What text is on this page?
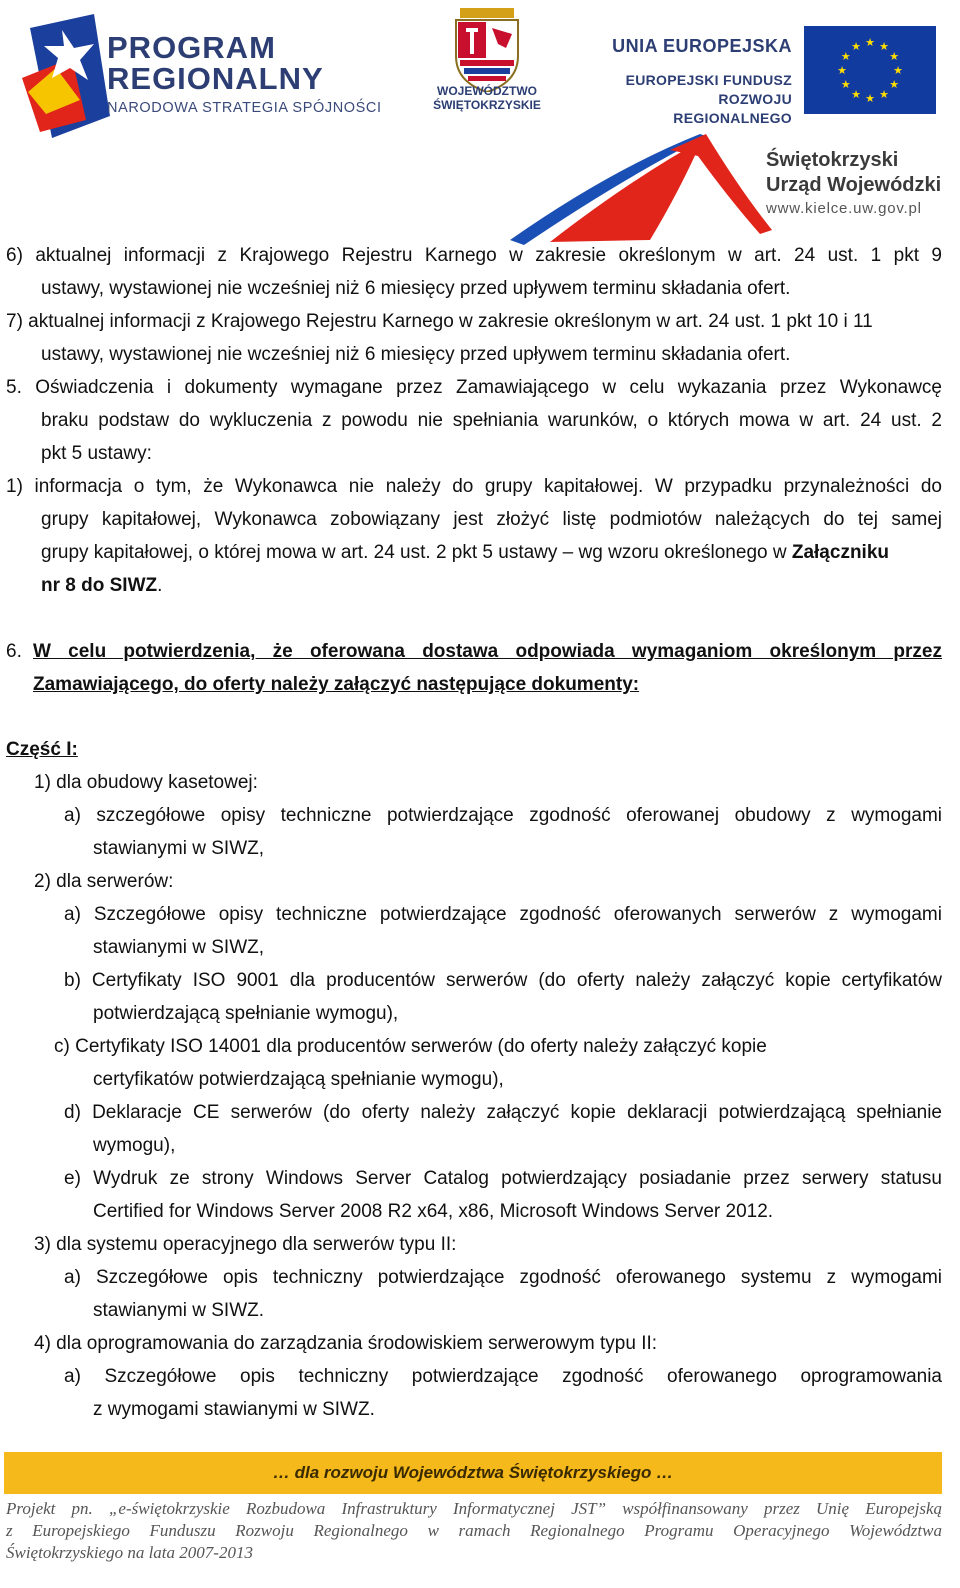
PROGRAM
REGIONALNY
NARODOWA STRATEGIA SPÓJNOŚCI
WOJEWÓDZTWO
ŚWIĘTOKRZYSKIE
UNIA EUROPEJSKA
EUROPEJSKI FUNDUSZ
ROZWOJU REGIONALNEGO
★ ★
★
★
★
★
★
★
★
★
★
★
Świętokrzyski
Urząd Wojewódzki
www.kielce.uw.gov.pl
6) aktualnej informacji z Krajowego Rejestru Karnego w zakresie określonym w art. 24 ust. 1 pkt 9
ustawy, wystawionej nie wcześniej niż 6 miesięcy przed upływem terminu składania ofert.
7) aktualnej informacji z Krajowego Rejestru Karnego w zakresie określonym w art. 24 ust. 1 pkt 10 i 11
ustawy, wystawionej nie wcześniej niż 6 miesięcy przed upływem terminu składania ofert.
5. Oświadczenia i dokumenty wymagane przez Zamawiającego w celu wykazania przez Wykonawcę
braku podstaw do wykluczenia z powodu nie spełniania warunków, o których mowa w art. 24 ust. 2
pkt 5 ustawy:
1) informacja o tym, że Wykonawca nie należy do grupy kapitałowej. W przypadku przynależności do
grupy kapitałowej, Wykonawca zobowiązany jest złożyć listę podmiotów należących do tej samej
grupy kapitałowej, o której mowa w art. 24 ust. 2 pkt 5 ustawy – wg wzoru określonego w Załączniku
nr 8 do SIWZ.
6. W celu potwierdzenia, że oferowana dostawa odpowiada wymaganiom określonym przez
Zamawiającego, do oferty należy załączyć następujące dokumenty:
Część I:
1) dla obudowy kasetowej:
a) szczegółowe opisy techniczne potwierdzające zgodność oferowanej obudowy z wymogami
stawianymi w SIWZ,
2) dla serwerów:
a) Szczegółowe opisy techniczne potwierdzające zgodność oferowanych serwerów z wymogami
stawianymi w SIWZ,
b) Certyfikaty ISO 9001 dla producentów serwerów (do oferty należy załączyć kopie certyfikatów
potwierdzającą spełnianie wymogu),
c) Certyfikaty ISO 14001 dla producentów serwerów (do oferty należy załączyć kopie
certyfikatów potwierdzającą spełnianie wymogu),
d) Deklaracje CE serwerów (do oferty należy załączyć kopie deklaracji potwierdzającą spełnianie
wymogu),
e) Wydruk ze strony Windows Server Catalog potwierdzający posiadanie przez serwery statusu
Certified for Windows Server 2008 R2 x64, x86, Microsoft Windows Server 2012.
3) dla systemu operacyjnego dla serwerów typu II:
a) Szczegółowe opis techniczny potwierdzające zgodność oferowanego systemu z wymogami
stawianymi w SIWZ.
4) dla oprogramowania do zarządzania środowiskiem serwerowym typu II:
a) Szczegółowe opis techniczny potwierdzające zgodność oferowanego oprogramowania
z wymogami stawianymi w SIWZ.
… dla rozwoju Województwa Świętokrzyskiego …
Projekt pn. „e-świętokrzyskie Rozbudowa Infrastruktury Informatycznej JST” współfinansowany przez Unię Europejską
z Europejskiego Funduszu Rozwoju Regionalnego w ramach Regionalnego Programu Operacyjnego Województwa
Świętokrzyskiego na lata 2007-2013
